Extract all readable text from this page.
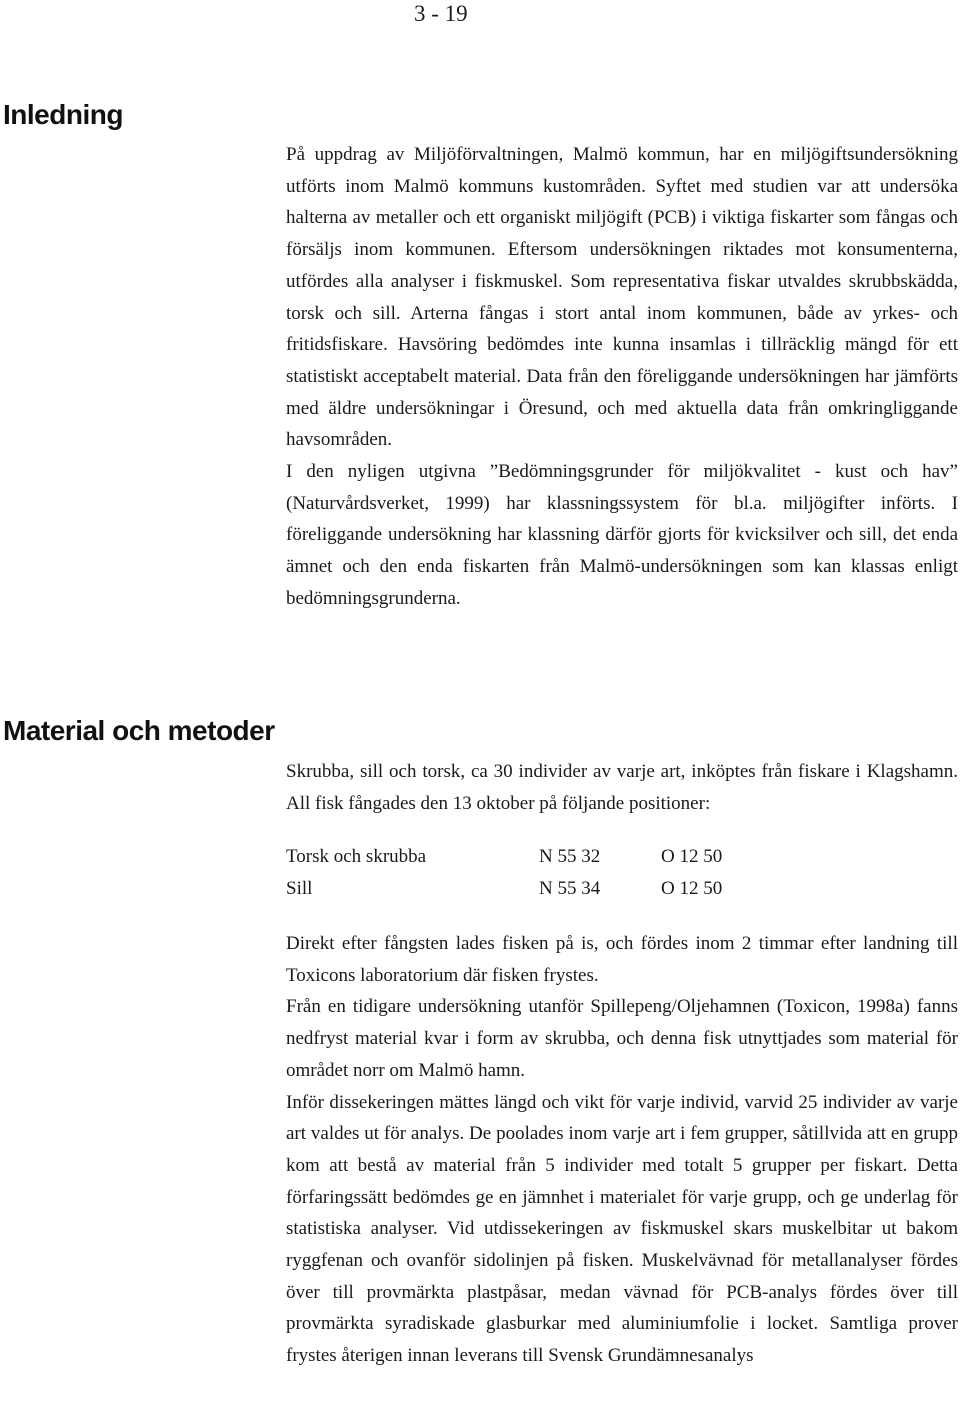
3 - 19
Inledning

På uppdrag av Miljöförvaltningen, Malmö kommun, har en miljögiftsundersökning utförts inom Malmö kommuns kustområden. Syftet med studien var att undersöka halterna av metaller och ett organiskt miljögift (PCB) i viktiga fiskarter som fångas och försäljs inom kommunen. Eftersom undersökningen riktades mot konsumenterna, utfördes alla analyser i fiskmuskel. Som representativa fiskar utvaldes skrubbskädda, torsk och sill. Arterna fångas i stort antal inom kommunen, både av yrkes- och fritidsfiskare. Havsöring bedömdes inte kunna insamlas i tillräcklig mängd för ett statistiskt acceptabelt material. Data från den föreliggande undersökningen har jämförts med äldre undersökningar i Öresund, och med aktuella data från omkringliggande havsområden.

I den nyligen utgivna ”Bedömningsgrunder för miljökvalitet - kust och hav” (Naturvårdsverket, 1999) har klassningssystem för bl.a. miljögifter införts. I föreliggande undersökning har klassning därför gjorts för kvicksilver och sill, det enda ämnet och den enda fiskarten från Malmö-undersökningen som kan klassas enligt bedömningsgrunderna.

Material och metoder

Skrubba, sill och torsk, ca 30 individer av varje art, inköptes från fiskare i Klagshamn. All fisk fångades den 13 oktober på följande positioner:

Torsk och skrubba	N 55 32	O 12 50
Sill	N 55 34	O 12 50

Direkt efter fångsten lades fisken på is, och fördes inom 2 timmar efter landning till Toxicons laboratorium där fisken frystes.

Från en tidigare undersökning utanför Spillepeng/Oljehamnen (Toxicon, 1998a) fanns nedfryst material kvar i form av skrubba, och denna fisk utnyttjades som material för området norr om Malmö hamn.

Inför dissekeringen mättes längd och vikt för varje individ, varvid 25 individer av varje art valdes ut för analys. De poolades inom varje art i fem grupper, såtillvida att en grupp kom att bestå av material från 5 individer med totalt 5 grupper per fiskart. Detta förfaringssätt bedömdes ge en jämnhet i materialet för varje grupp, och ge underlag för statistiska analyser. Vid utdissekeringen av fiskmuskel skars muskelbitar ut bakom ryggfenan och ovanför sidolinjen på fisken. Muskelvävnad för metallanalyser fördes över till provmärkta plastpåsar, medan vävnad för PCB-analys fördes över till provmärkta syradiskade glasburkar med aluminiumfolie i locket. Samtliga prover frystes återigen innan leverans till Svensk Grundämnesanalys
